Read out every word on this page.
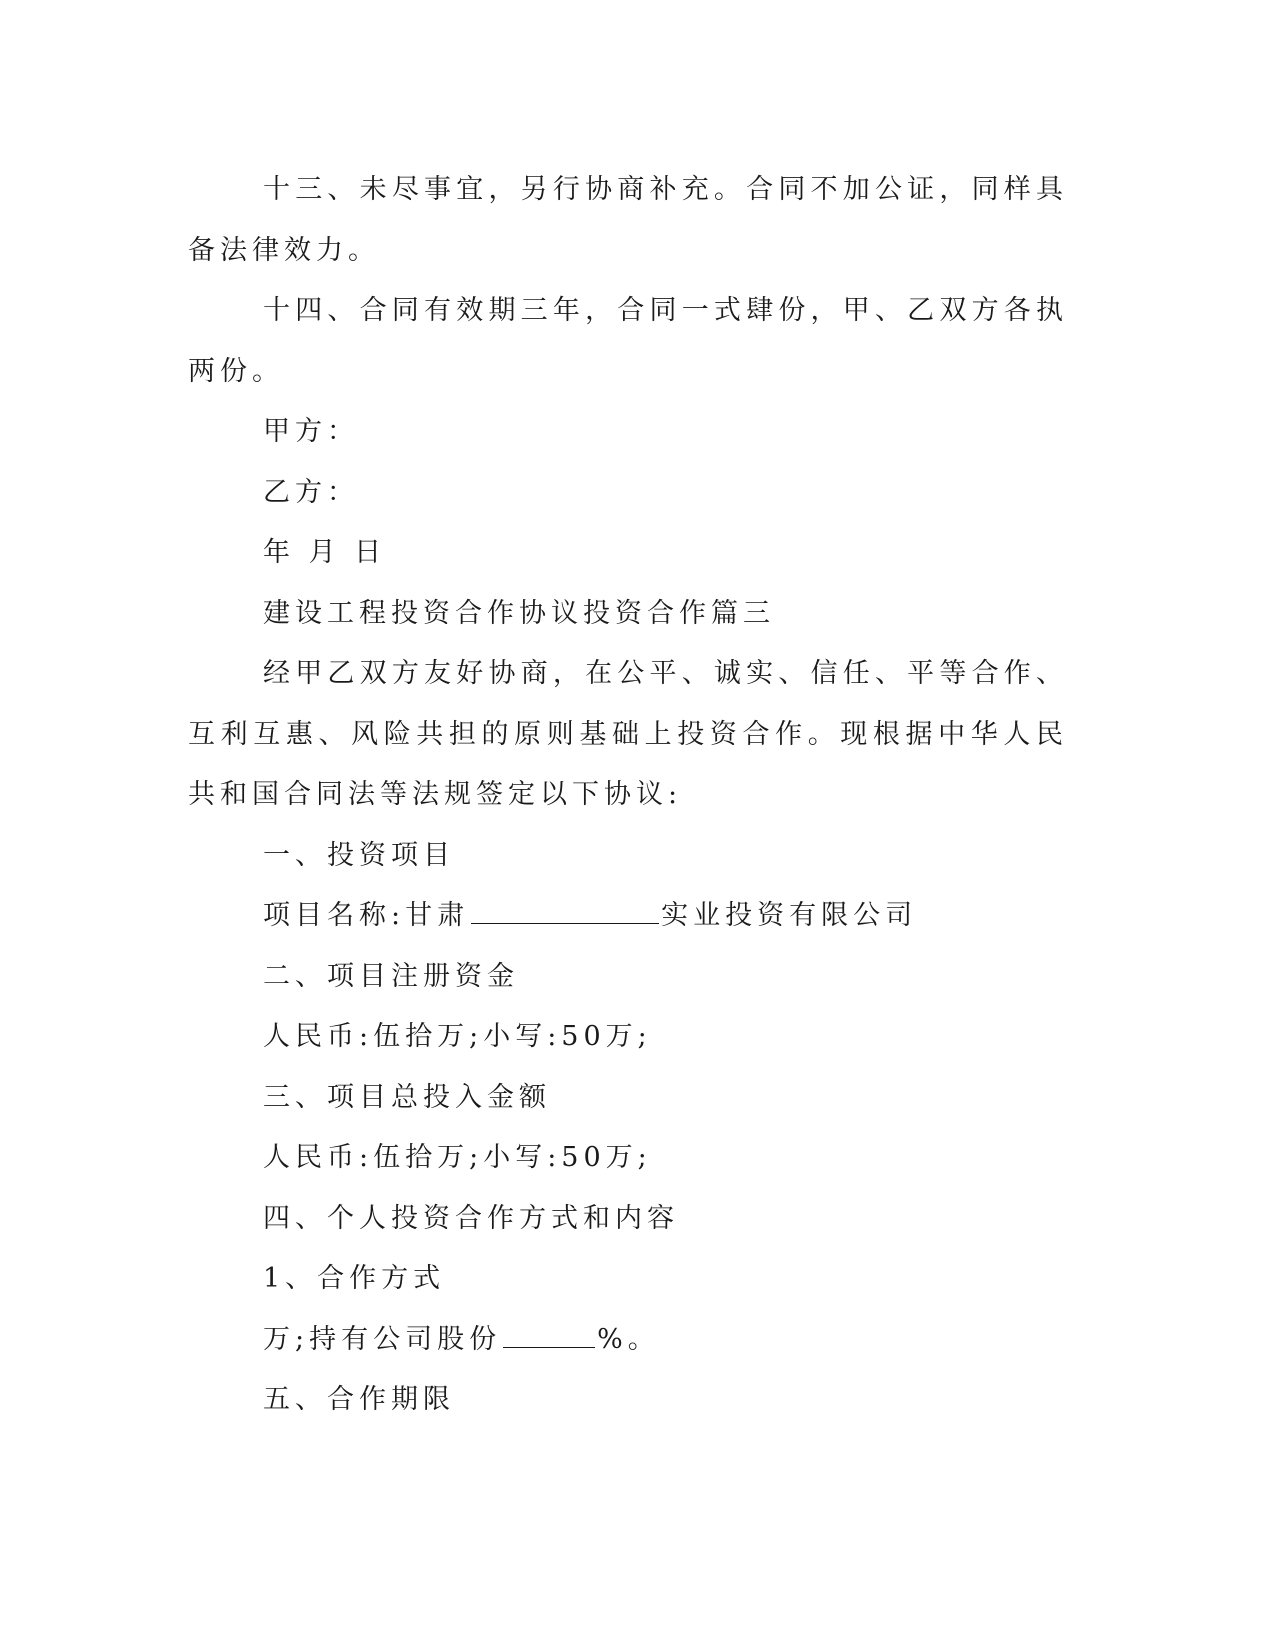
十三、未尽事宜，另行协商补充。合同不加公证，同样具备法律效力。

十四、合同有效期三年，合同一式肆份，甲、乙双方各执两份。

甲方：

乙方：

年 月 日

建设工程投资合作协议投资合作篇三

经甲乙双方友好协商，在公平、诚实、信任、平等合作、互利互惠、风险共担的原则基础上投资合作。现根据中华人民共和国合同法等法规签定以下协议:

一、投资项目

项目名称:甘肃	实业投资有限公司

二、项目注册资金

人民币:伍拾万;小写:50万;

三、项目总投入金额

人民币:伍拾万;小写:50万;

四、个人投资合作方式和内容

1、合作方式

万;持有公司股份	%。

五、合作期限
